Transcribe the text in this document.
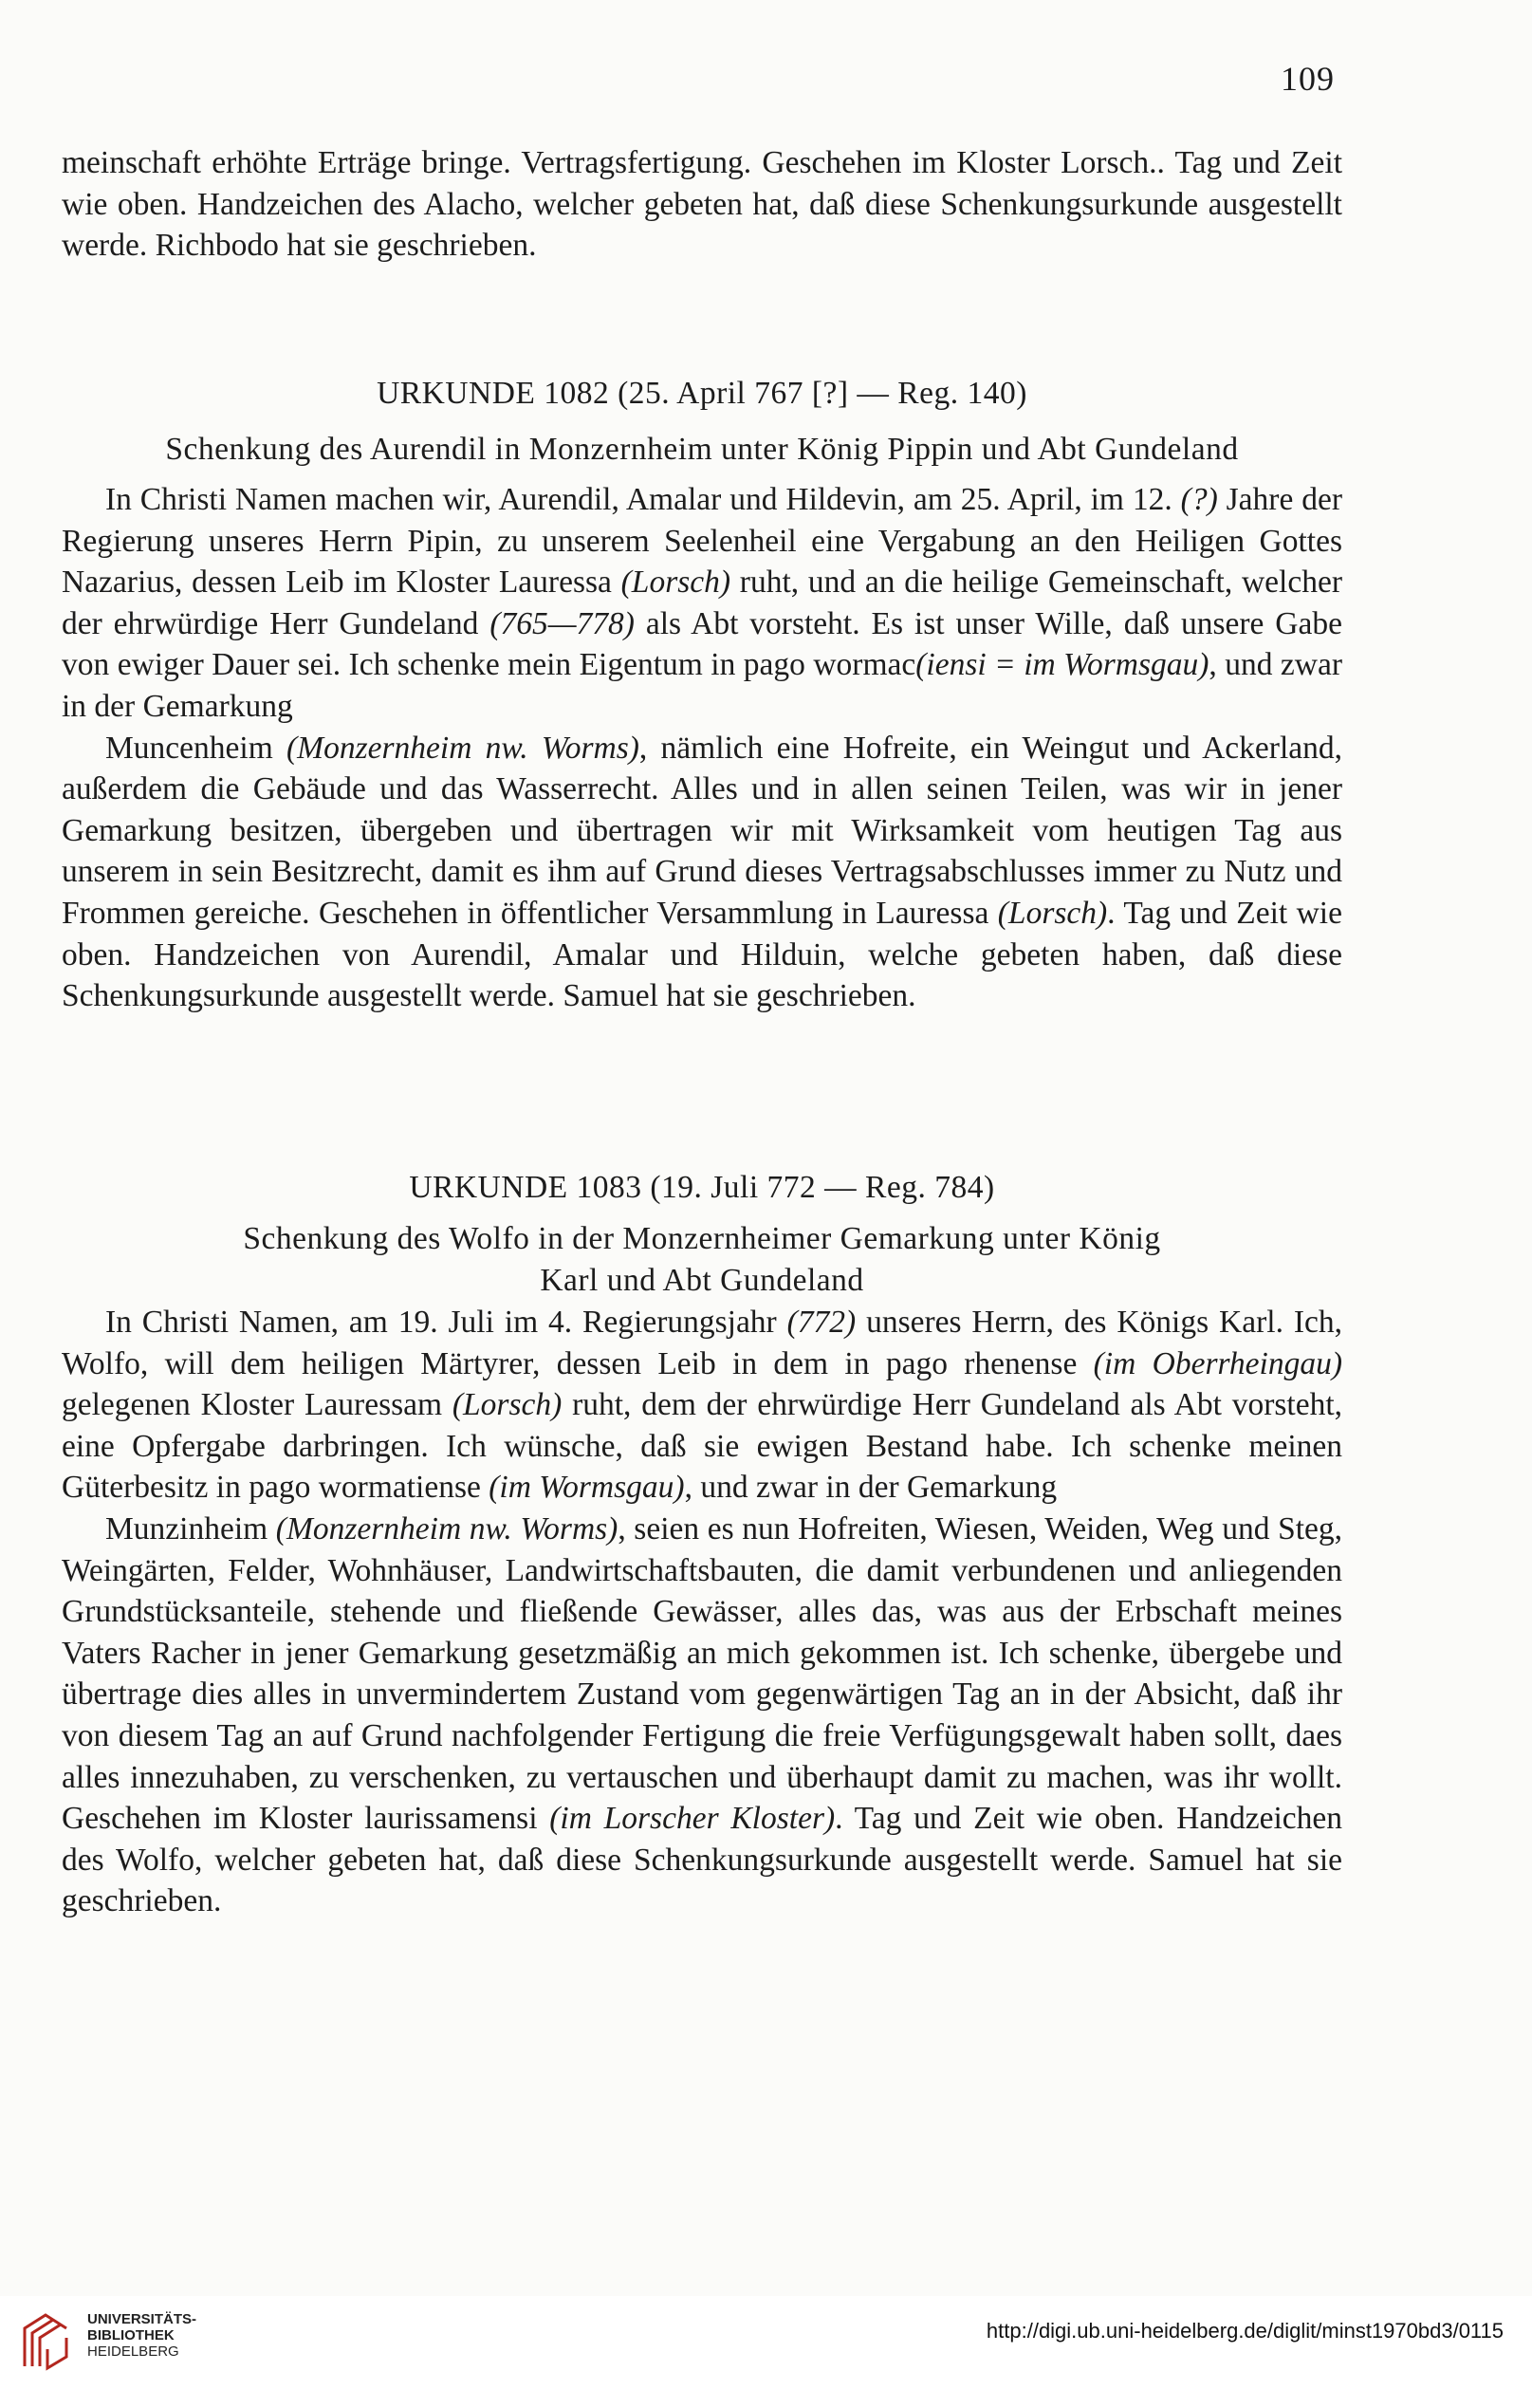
109

meinschaft erhöhte Erträge bringe. Vertragsfertigung. Geschehen im Kloster Lorsch.. Tag und Zeit wie oben. Handzeichen des Alacho, welcher gebeten hat, daß diese Schenkungsurkunde ausgestellt werde. Richbodo hat sie geschrieben.

URKUNDE 1082 (25. April 767 [?] — Reg. 140)

Schenkung des Aurendil in Monzernheim unter König Pippin und Abt Gundeland

In Christi Namen machen wir, Aurendil, Amalar und Hildevin, am 25. April, im 12. (?) Jahre der Regierung unseres Herrn Pipin, zu unserem Seelenheil eine Vergabung an den Heiligen Gottes Nazarius, dessen Leib im Kloster Lauressa (Lorsch) ruht, und an die heilige Gemeinschaft, welcher der ehrwürdige Herr Gundeland (765—778) als Abt vorsteht. Es ist unser Wille, daß unsere Gabe von ewiger Dauer sei. Ich schenke mein Eigentum in pago wormac(iensi = im Wormsgau), und zwar in der Gemarkung

Muncenheim (Monzernheim nw. Worms), nämlich eine Hofreite, ein Weingut und Ackerland, außerdem die Gebäude und das Wasserrecht. Alles und in allen seinen Teilen, was wir in jener Gemarkung besitzen, übergeben und übertragen wir mit Wirksamkeit vom heutigen Tag aus unserem in sein Besitzrecht, damit es ihm auf Grund dieses Vertragsabschlusses immer zu Nutz und Frommen gereiche. Geschehen in öffentlicher Versammlung in Lauressa (Lorsch). Tag und Zeit wie oben. Handzeichen von Aurendil, Amalar und Hilduin, welche gebeten haben, daß diese Schenkungsurkunde ausgestellt werde. Samuel hat sie geschrieben.

URKUNDE 1083 (19. Juli 772 — Reg. 784)

Schenkung des Wolfo in der Monzernheimer Gemarkung unter König

Karl und Abt Gundeland

In Christi Namen, am 19. Juli im 4. Regierungsjahr (772) unseres Herrn, des Königs Karl. Ich, Wolfo, will dem heiligen Märtyrer, dessen Leib in dem in pago rhenense (im Oberrheingau) gelegenen Kloster Lauressam (Lorsch) ruht, dem der ehrwürdige Herr Gundeland als Abt vorsteht, eine Opfergabe darbringen. Ich wünsche, daß sie ewigen Bestand habe. Ich schenke meinen Güterbesitz in pago wormatiense (im Wormsgau), und zwar in der Gemarkung

Munzinheim (Monzernheim nw. Worms), seien es nun Hofreiten, Wiesen, Weiden, Weg und Steg, Weingärten, Felder, Wohnhäuser, Landwirtschaftsbauten, die damit verbundenen und anliegenden Grundstücksanteile, stehende und fließende Gewässer, alles das, was aus der Erbschaft meines Vaters Racher in jener Gemarkung gesetzmäßig an mich gekommen ist. Ich schenke, übergebe und übertrage dies alles in unvermindertem Zustand vom gegenwärtigen Tag an in der Absicht, daß ihr von diesem Tag an auf Grund nachfolgender Fertigung die freie Verfügungsgewalt haben sollt, daes alles innezuhaben, zu verschenken, zu vertauschen und überhaupt damit zu machen, was ihr wollt. Geschehen im Kloster laurissamensi (im Lorscher Kloster). Tag und Zeit wie oben. Handzeichen des Wolfo, welcher gebeten hat, daß diese Schenkungsurkunde ausgestellt werde. Samuel hat sie geschrieben.

UNIVERSITÄTS-
BIBLIOTHEK
HEIDELBERG
http://digi.ub.uni-heidelberg.de/diglit/minst1970bd3/0115
